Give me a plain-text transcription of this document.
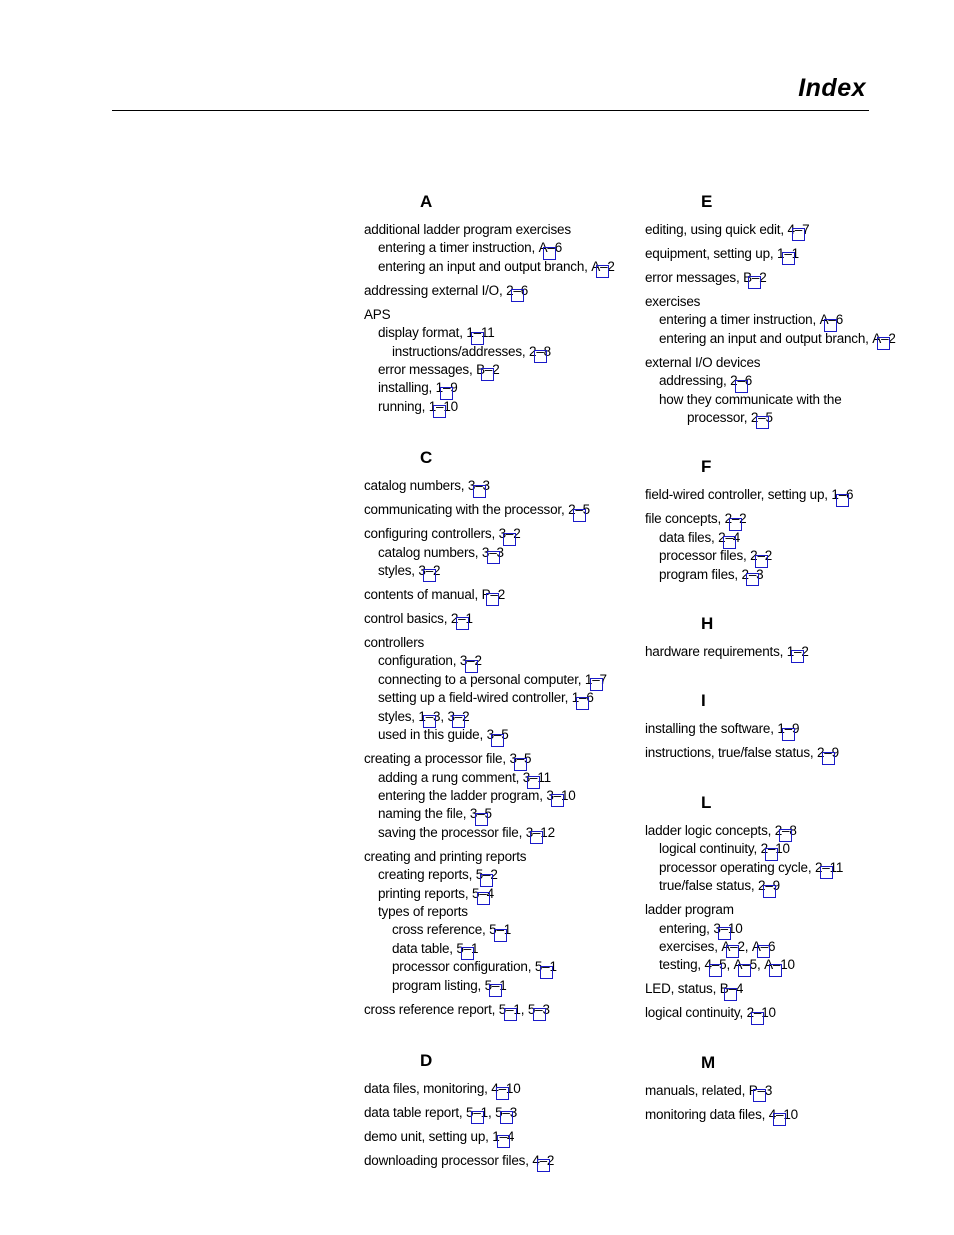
Index
A
additional ladder program exercises
entering a timer instruction, A–6
entering an input and output branch, A–2
addressing external I/O, 2–6
APS
display format, 1–11
instructions/addresses, 2–8
error messages, B–2
installing, 1–9
running, 1–10
C
catalog numbers, 3–3
communicating with the processor, 2–5
configuring controllers, 3–2
catalog numbers, 3–3
styles, 3–2
contents of manual, P–2
control basics, 2–1
controllers
configuration, 3–2
connecting to a personal computer, 1–7
setting up a field-wired controller, 1–6
styles, 1–3, 3–2
used in this guide, 3–5
creating a processor file, 3–5
adding a rung comment, 3–11
entering the ladder program, 3–10
naming the file, 3–5
saving the processor file, 3–12
creating and printing reports
creating reports, 5–2
printing reports, 5–4
types of reports
cross reference, 5–1
data table, 5–1
processor configuration, 5–1
program listing, 5–1
cross reference report, 5–1, 5–3
D
data files, monitoring, 4–10
data table report, 5–1, 5–3
demo unit, setting up, 1–4
downloading processor files, 4–2
E
editing, using quick edit, 4–7
equipment, setting up, 1–1
error messages, B–2
exercises
entering a timer instruction, A–6
entering an input and output branch, A–2
external I/O devices
addressing, 2–6
how they communicate with the
processor, 2–5
F
field-wired controller, setting up, 1–6
file concepts, 2–2
data files, 2–4
processor files, 2–2
program files, 2–3
H
hardware requirements, 1–2
I
installing the software, 1–9
instructions, true/false status, 2–9
L
ladder logic concepts, 2–8
logical continuity, 2–10
processor operating cycle, 2–11
true/false status, 2–9
ladder program
entering, 3–10
exercises, A–2, A–6
testing, 4–5, A–5, A–10
LED, status, B–4
logical continuity, 2–10
M
manuals, related, P–3
monitoring data files, 4–10
